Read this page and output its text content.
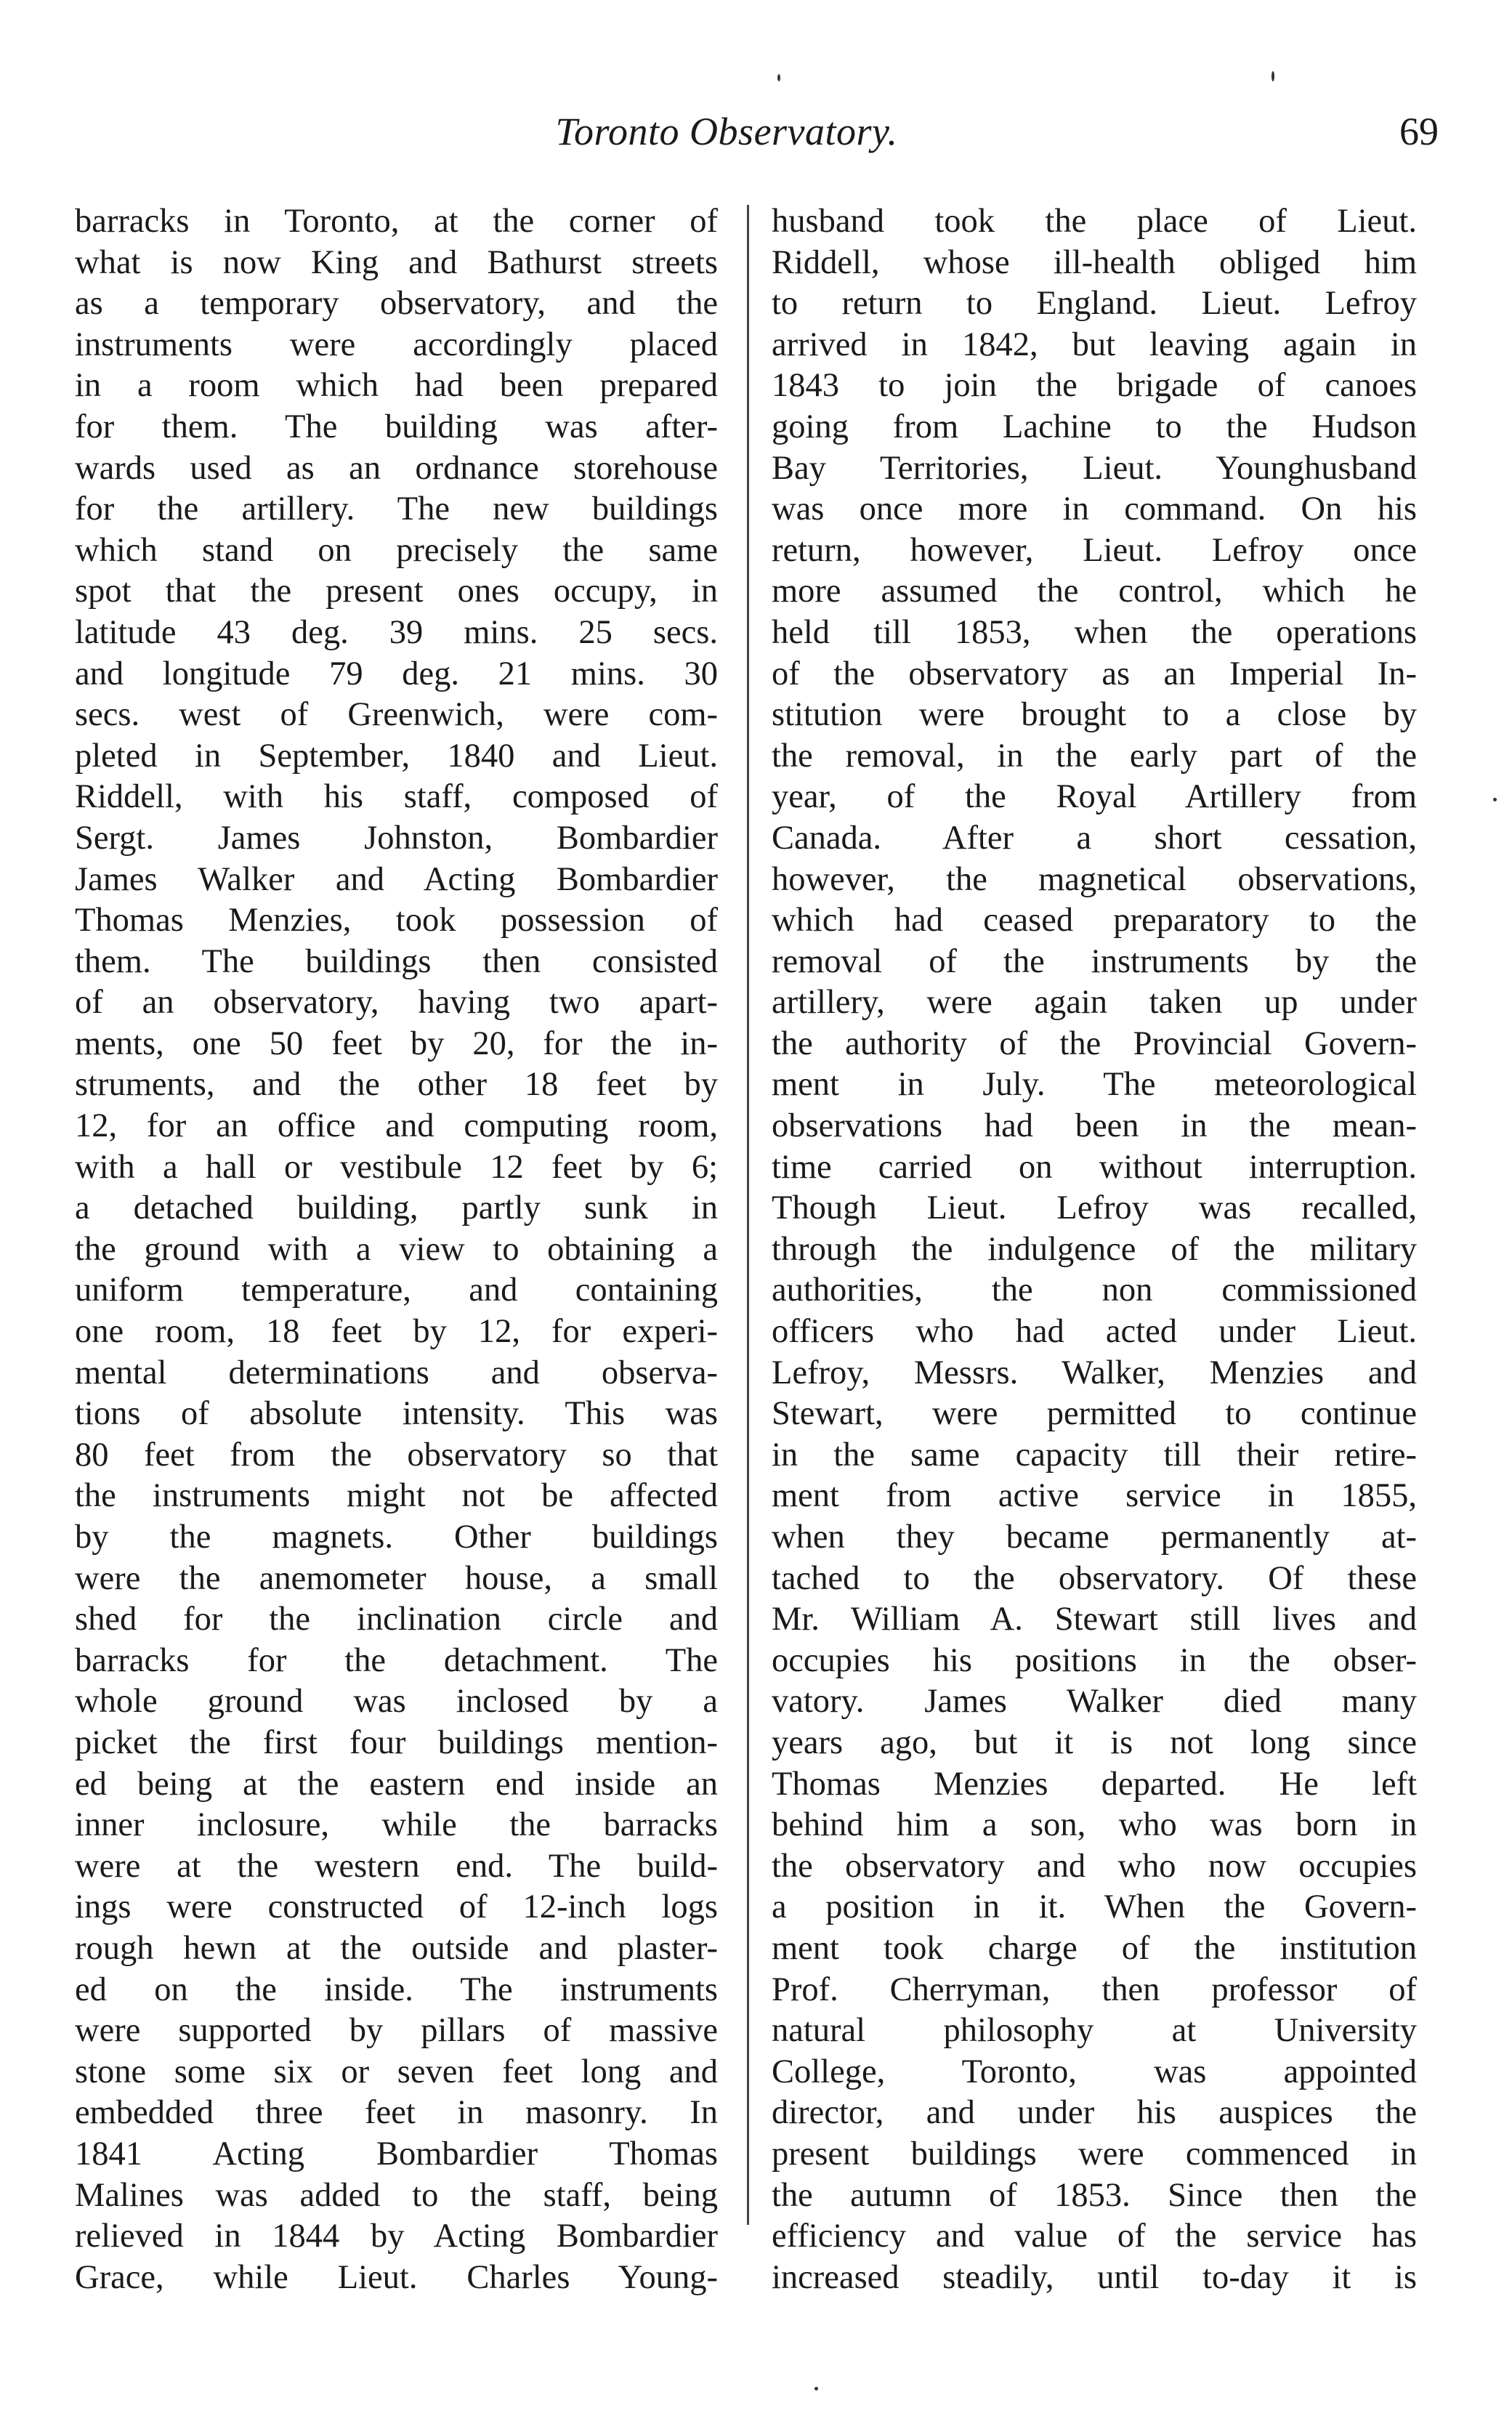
Toronto Observatory.	69
barracks in Toronto, at the corner of
what is now King and Bathurst streets
as a temporary observatory, and the
instruments were accordingly placed
in a room which had been prepared
for them. The building was after-
wards used as an ordnance storehouse
for the artillery. The new buildings
which stand on precisely the same
spot that the present ones occupy, in
latitude 43 deg. 39 mins. 25 secs.
and longitude 79 deg. 21 mins. 30
secs. west of Greenwich, were com-
pleted in September, 1840 and Lieut.
Riddell, with his staff, composed of
Sergt. James Johnston, Bombardier
James Walker and Acting Bombardier
Thomas Menzies, took possession of
them. The buildings then consisted
of an observatory, having two apart-
ments, one 50 feet by 20, for the in-
struments, and the other 18 feet by
12, for an office and computing room,
with a hall or vestibule 12 feet by 6;
a detached building, partly sunk in
the ground with a view to obtaining a
uniform temperature, and containing
one room, 18 feet by 12, for experi-
mental determinations and observa-
tions of absolute intensity. This was
80 feet from the observatory so that
the instruments might not be affected
by the magnets. Other buildings
were the anemometer house, a small
shed for the inclination circle and
barracks for the detachment. The
whole ground was inclosed by a
picket the first four buildings mention-
ed being at the eastern end inside an
inner inclosure, while the barracks
were at the western end. The build-
ings were constructed of 12-inch logs
rough hewn at the outside and plaster-
ed on the inside. The instruments
were supported by pillars of massive
stone some six or seven feet long and
embedded three feet in masonry. In
1841 Acting Bombardier Thomas
Malines was added to the staff, being
relieved in 1844 by Acting Bombardier
Grace, while Lieut. Charles Young-
husband took the place of Lieut.
Riddell, whose ill-health obliged him
to return to England. Lieut. Lefroy
arrived in 1842, but leaving again in
1843 to join the brigade of canoes
going from Lachine to the Hudson
Bay Territories, Lieut. Younghusband
was once more in command. On his
return, however, Lieut. Lefroy once
more assumed the control, which he
held till 1853, when the operations
of the observatory as an Imperial In-
stitution were brought to a close by
the removal, in the early part of the
year, of the Royal Artillery from
Canada. After a short cessation,
however, the magnetical observations,
which had ceased preparatory to the
removal of the instruments by the
artillery, were again taken up under
the authority of the Provincial Govern-
ment in July. The meteorological
observations had been in the mean-
time carried on without interruption.
Though Lieut. Lefroy was recalled,
through the indulgence of the military
authorities, the non commissioned
officers who had acted under Lieut.
Lefroy, Messrs. Walker, Menzies and
Stewart, were permitted to continue
in the same capacity till their retire-
ment from active service in 1855,
when they became permanently at-
tached to the observatory. Of these
Mr. William A. Stewart still lives and
occupies his positions in the obser-
vatory. James Walker died many
years ago, but it is not long since
Thomas Menzies departed. He left
behind him a son, who was born in
the observatory and who now occupies
a position in it. When the Govern-
ment took charge of the institution
Prof. Cherryman, then professor of
natural philosophy at University
College, Toronto, was appointed
director, and under his auspices the
present buildings were commenced in
the autumn of 1853. Since then the
efficiency and value of the service has
increased steadily, until to-day it is
